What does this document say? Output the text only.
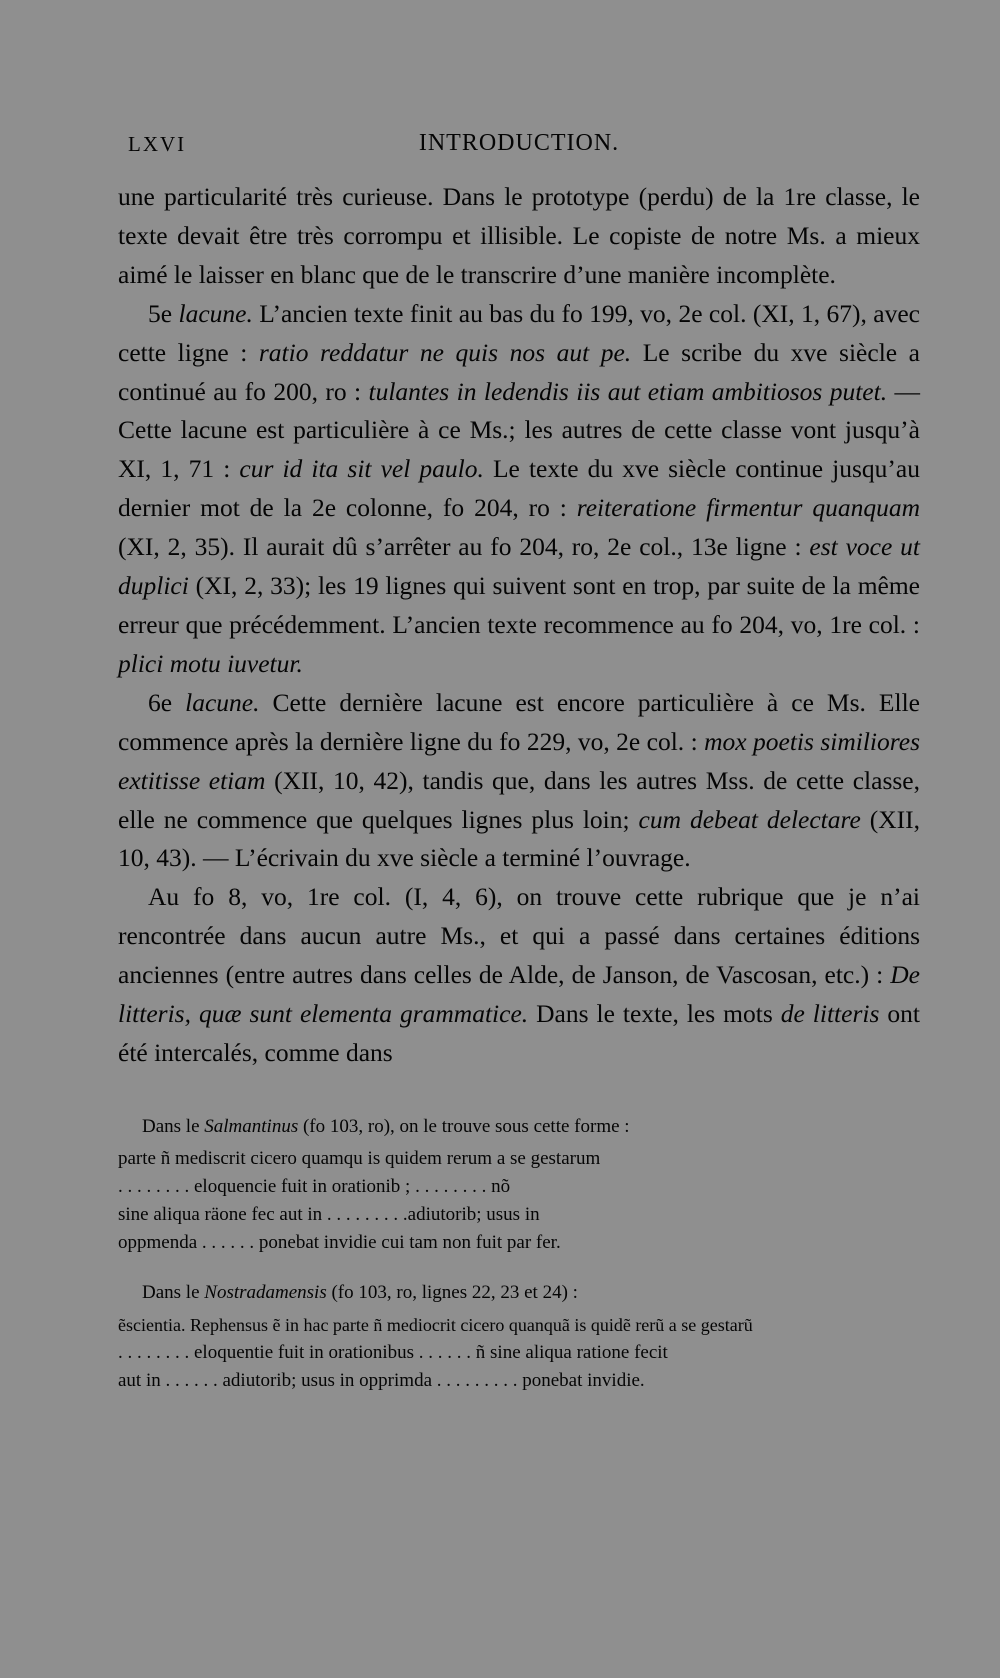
LXVI	INTRODUCTION.

une particularité très curieuse. Dans le prototype (perdu) de la 1re classe, le texte devait être très corrompu et illisible. Le copiste de notre Ms. a mieux aimé le laisser en blanc que de le transcrire d’une manière incomplète.

5e lacune. L’ancien texte finit au bas du fo 199, vo, 2e col. (XI, 1, 67), avec cette ligne : ratio reddatur ne quis nos aut pe. Le scribe du xve siècle a continué au fo 200, ro : tulantes in ledendis iis aut etiam ambitiosos putet. — Cette lacune est particulière à ce Ms.; les autres de cette classe vont jusqu’à XI, 1, 71 : cur id ita sit vel paulo. Le texte du xve siècle continue jusqu’au dernier mot de la 2e colonne, fo 204, ro : reiteratione firmentur quanquam (XI, 2, 35). Il aurait dû s’arrêter au fo 204, ro, 2e col., 13e ligne : est voce ut duplici (XI, 2, 33); les 19 lignes qui suivent sont en trop, par suite de la même erreur que précédemment. L’ancien texte recommence au fo 204, vo, 1re col. : plici motu iuvetur.

6e lacune. Cette dernière lacune est encore particulière à ce Ms. Elle commence après la dernière ligne du fo 229, vo, 2e col. : mox poetis similiores extitisse etiam (XII, 10, 42), tandis que, dans les autres Mss. de cette classe, elle ne commence que quelques lignes plus loin; cum debeat delectare (XII, 10, 43). — L’écrivain du xve siècle a terminé l’ouvrage.

Au fo 8, vo, 1re col. (I, 4, 6), on trouve cette rubrique que je n’ai rencontrée dans aucun autre Ms., et qui a passé dans certaines éditions anciennes (entre autres dans celles de Alde, de Janson, de Vascosan, etc.) : De litteris, quæ sunt elementa grammatice. Dans le texte, les mots de litteris ont été intercalés, comme dans

Dans le Salmantinus (fo 103, ro), on le trouve sous cette forme :

parte ñ mediscrit cicero quamqu is quidem rerum a se gestarum
. . . . . . . . eloquencie fuit in orationib ; . . . . . . . . nõ
sine aliqua räone fec aut in . . . . . . . . .adiutorib; usus in
oppmenda . . . . . . ponebat invidie cui tam non fuit par fer.

Dans le Nostradamensis (fo 103, ro, lignes 22, 23 et 24) :

ẽscientia. Rephensus ẽ in hac parte ñ mediocrit cicero quanquã is quidẽ rerũ a se gestarũ
. . . . . . . . eloquentie fuit in orationibus . . . . . . ñ sine aliqua ratione fecit
aut in . . . . . . adiutorib; usus in opprimda . . . . . . . . . ponebat invidie.
